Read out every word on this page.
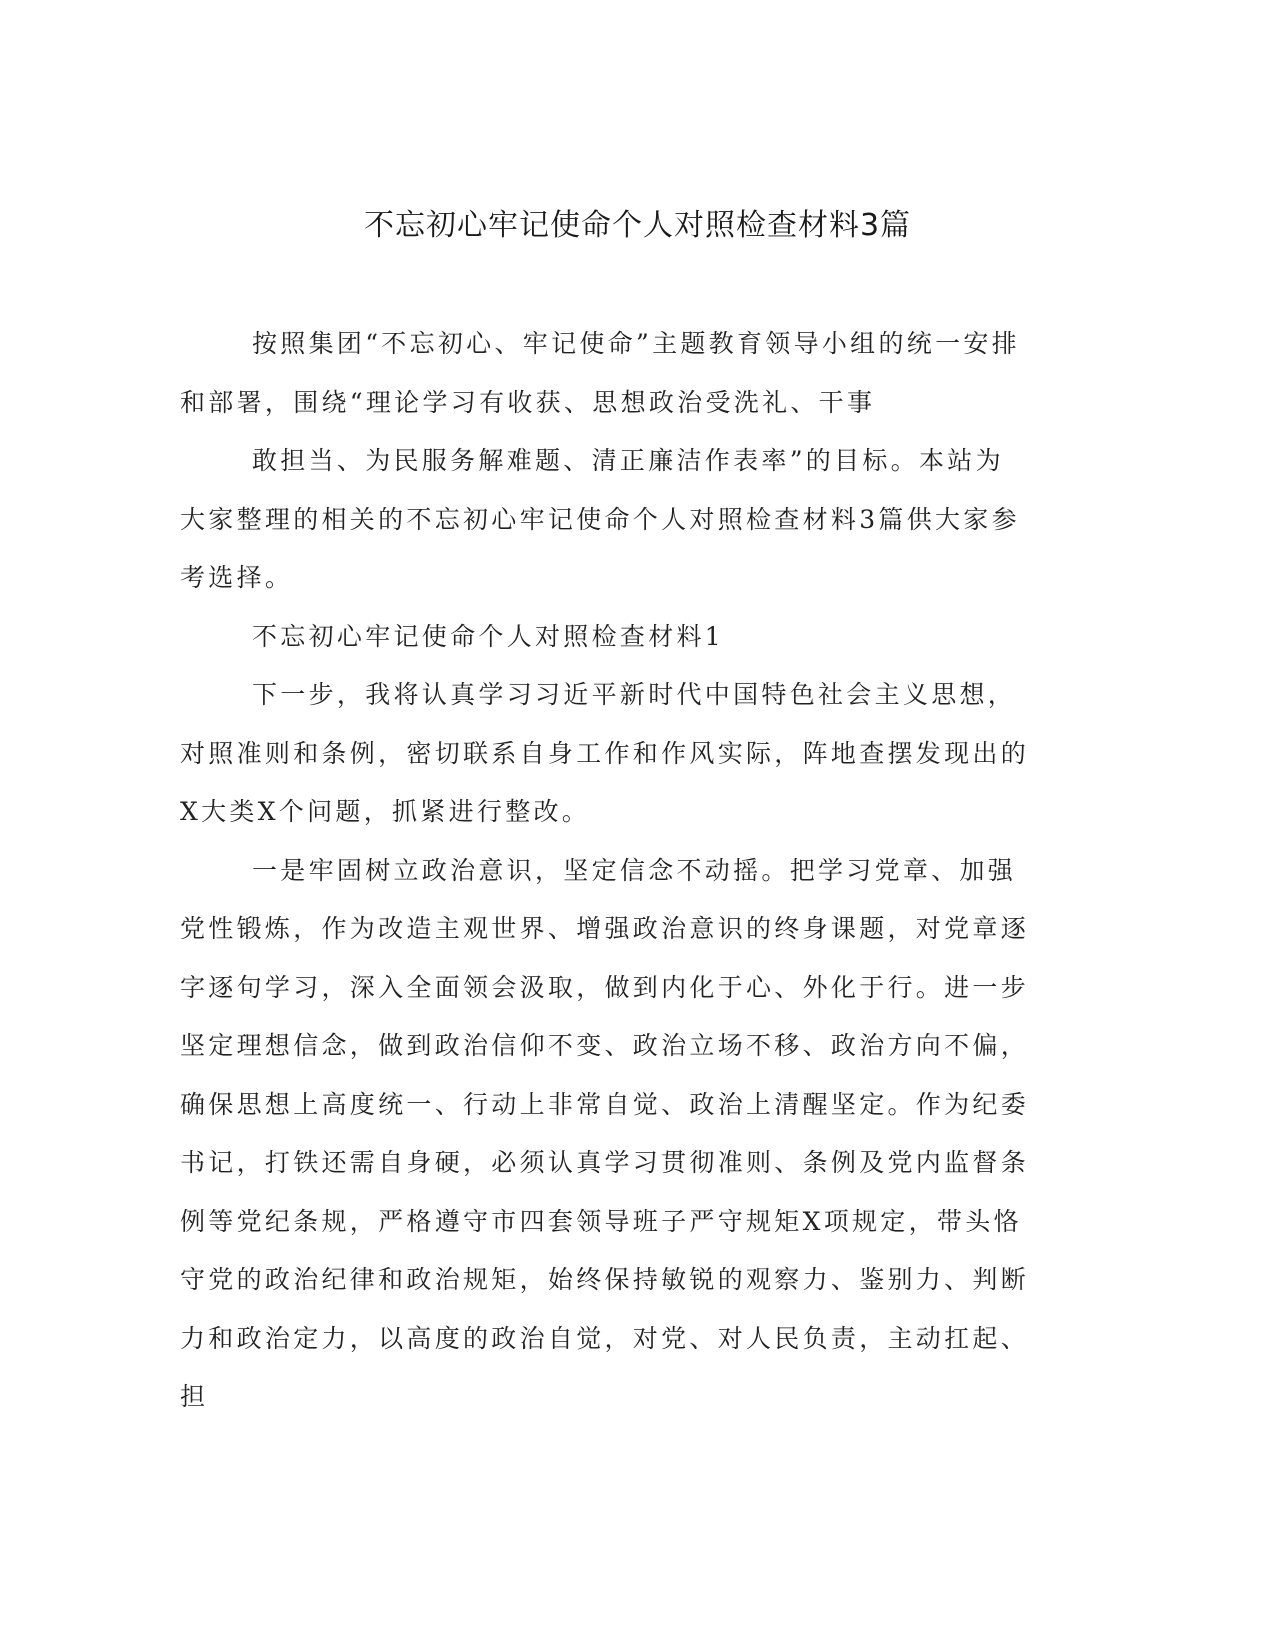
不忘初心牢记使命个人对照检查材料3篇

按照集团“不忘初心、牢记使命”主题教育领导小组的统一安排和部署，围绕“理论学习有收获、思想政治受洗礼、干事

敢担当、为民服务解难题、清正廉洁作表率”的目标。本站为大家整理的相关的不忘初心牢记使命个人对照检查材料3篇供大家参考选择。

不忘初心牢记使命个人对照检查材料1

下一步，我将认真学习习近平新时代中国特色社会主义思想，对照准则和条例，密切联系自身工作和作风实际，阵地查摆发现出的X大类X个问题，抓紧进行整改。

一是牢固树立政治意识，坚定信念不动摇。把学习党章、加强党性锻炼，作为改造主观世界、增强政治意识的终身课题，对党章逐字逐句学习，深入全面领会汲取，做到内化于心、外化于行。进一步坚定理想信念，做到政治信仰不变、政治立场不移、政治方向不偏，确保思想上高度统一、行动上非常自觉、政治上清醒坚定。作为纪委书记，打铁还需自身硬，必须认真学习贯彻准则、条例及党内监督条例等党纪条规，严格遵守市四套领导班子严守规矩X项规定，带头恪守党的政治纪律和政治规矩，始终保持敏锐的观察力、鉴别力、判断力和政治定力，以高度的政治自觉，对党、对人民负责，主动扛起、担
